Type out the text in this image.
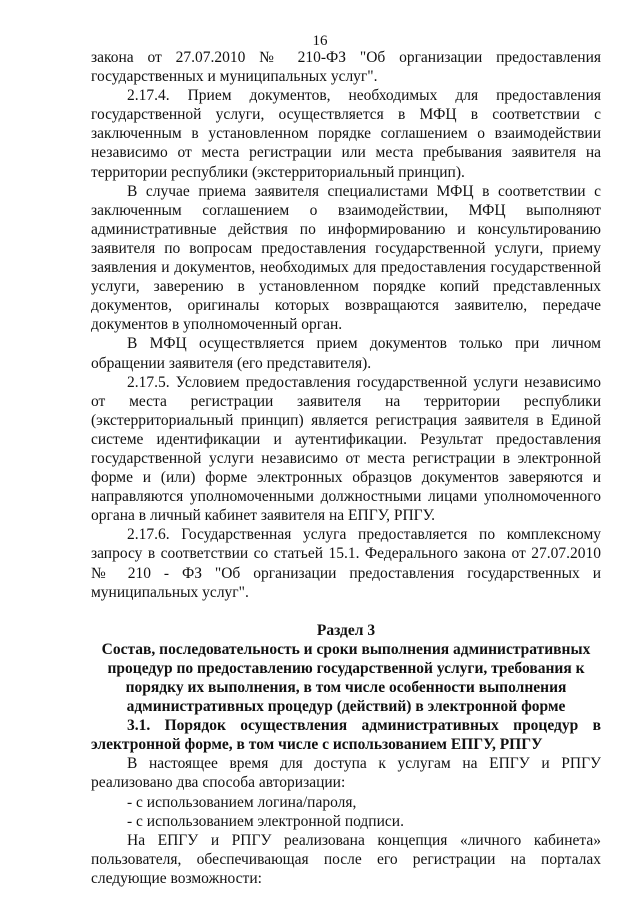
16

закона от 27.07.2010 № 210-ФЗ "Об организации предоставления государственных и муниципальных услуг".

2.17.4. Прием документов, необходимых для предоставления государственной услуги, осуществляется в МФЦ в соответствии с заключенным в установленном порядке соглашением о взаимодействии независимо от места регистрации или места пребывания заявителя на территории республики (экстерриториальный принцип).

В случае приема заявителя специалистами МФЦ в соответствии с заключенным соглашением о взаимодействии, МФЦ выполняют административные действия по информированию и консультированию заявителя по вопросам предоставления государственной услуги, приему заявления и документов, необходимых для предоставления государственной услуги, заверению в установленном порядке копий представленных документов, оригиналы которых возвращаются заявителю, передаче документов в уполномоченный орган.

В МФЦ осуществляется прием документов только при личном обращении заявителя (его представителя).

2.17.5. Условием предоставления государственной услуги независимо от места регистрации заявителя на территории республики (экстерриториальный принцип) является регистрация заявителя в Единой системе идентификации и аутентификации. Результат предоставления государственной услуги независимо от места регистрации в электронной форме и (или) форме электронных образцов документов заверяются и направляются уполномоченными должностными лицами уполномоченного органа в личный кабинет заявителя на ЕПГУ, РПГУ.

2.17.6. Государственная услуга предоставляется по комплексному запросу в соответствии со статьей 15.1. Федерального закона от 27.07.2010 № 210 - ФЗ "Об организации предоставления государственных и муниципальных услуг".

Раздел 3

Состав, последовательность и сроки выполнения административных процедур по предоставлению государственной услуги, требования к порядку их выполнения, в том числе особенности выполнения административных процедур (действий) в электронной форме

3.1. Порядок осуществления административных процедур в электронной форме, в том числе с использованием ЕПГУ, РПГУ

В настоящее время для доступа к услугам на ЕПГУ и РПГУ реализовано два способа авторизации:

- с использованием логина/пароля,

- с использованием электронной подписи.

На ЕПГУ и РПГУ реализована концепция «личного кабинета» пользователя, обеспечивающая после его регистрации на порталах следующие возможности:
